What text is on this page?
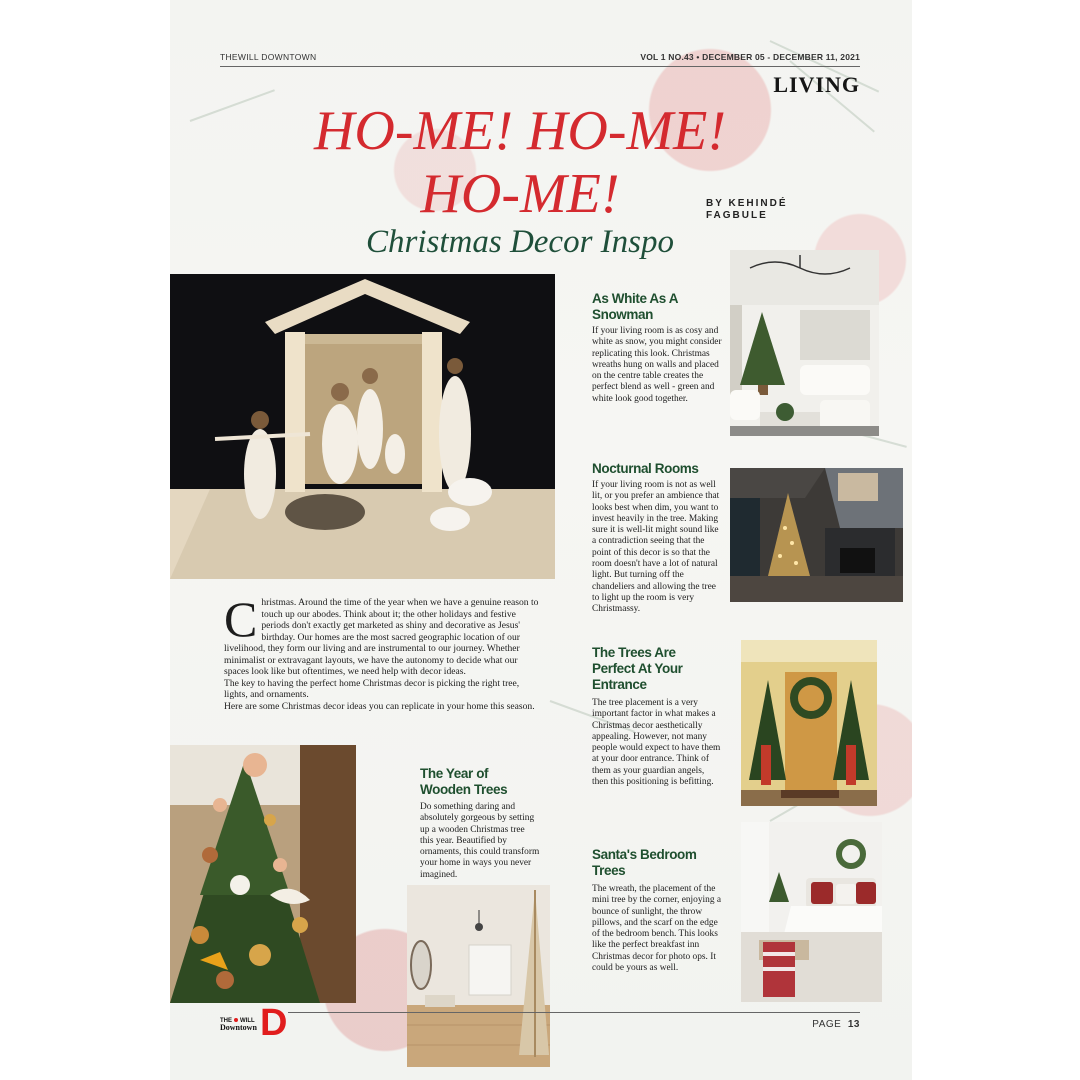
THEWILL DOWNTOWN	VOL 1 NO.43 • DECEMBER 05 - DECEMBER 11, 2021
LIVING
HO-ME! HO-ME!
HO-ME!
Christmas Decor Inspo
BY KEHINDÉ
FAGBULE
C hristmas. Around the time of the year when we have a genuine reason to touch up our abodes. Think about it; the other holidays and festive periods don't exactly get marketed as shiny and decorative as Jesus' birthday. Our homes are the most sacred geographic location of our livelihood, they form our living and are instrumental to our journey. Whether minimalist or extravagant layouts, we have the autonomy to decide what our spaces look like but oftentimes, we need help with decor ideas.
The key to having the perfect home Christmas decor is picking the right tree, lights, and ornaments.
Here are some Christmas decor ideas you can replicate in your home this season.
As White As A Snowman
If your living room is as cosy and white as snow, you might consider replicating this look. Christmas wreaths hung on walls and placed on the centre table creates the perfect blend as well - green and white look good together.
Nocturnal Rooms
If your living room is not as well lit, or you prefer an ambience that looks best when dim, you want to invest heavily in the tree. Making sure it is well-lit might sound like a contradiction seeing that the point of this decor is so that the room doesn't have a lot of natural light. But turning off the chandeliers and allowing the tree to light up the room is very Christmassy.
The Trees Are Perfect At Your Entrance
The tree placement is a very important factor in what makes a Christmas decor aesthetically appealing. However, not many people would expect to have them at your door entrance. Think of them as your guardian angels, then this positioning is befitting.
The Year of Wooden Trees
Do something daring and absolutely gorgeous by setting up a wooden Christmas tree this year. Beautified by ornaments, this could transform your home in ways you never imagined.
Santa's Bedroom Trees
The wreath, the placement of the mini tree by the corner, enjoying a bounce of sunlight, the throw pillows, and the scarf on the edge of the bedroom bench. This looks like the perfect breakfast inn Christmas decor for photo ops. It could be yours as well.
THE WILL
Downtown D	PAGE 13
